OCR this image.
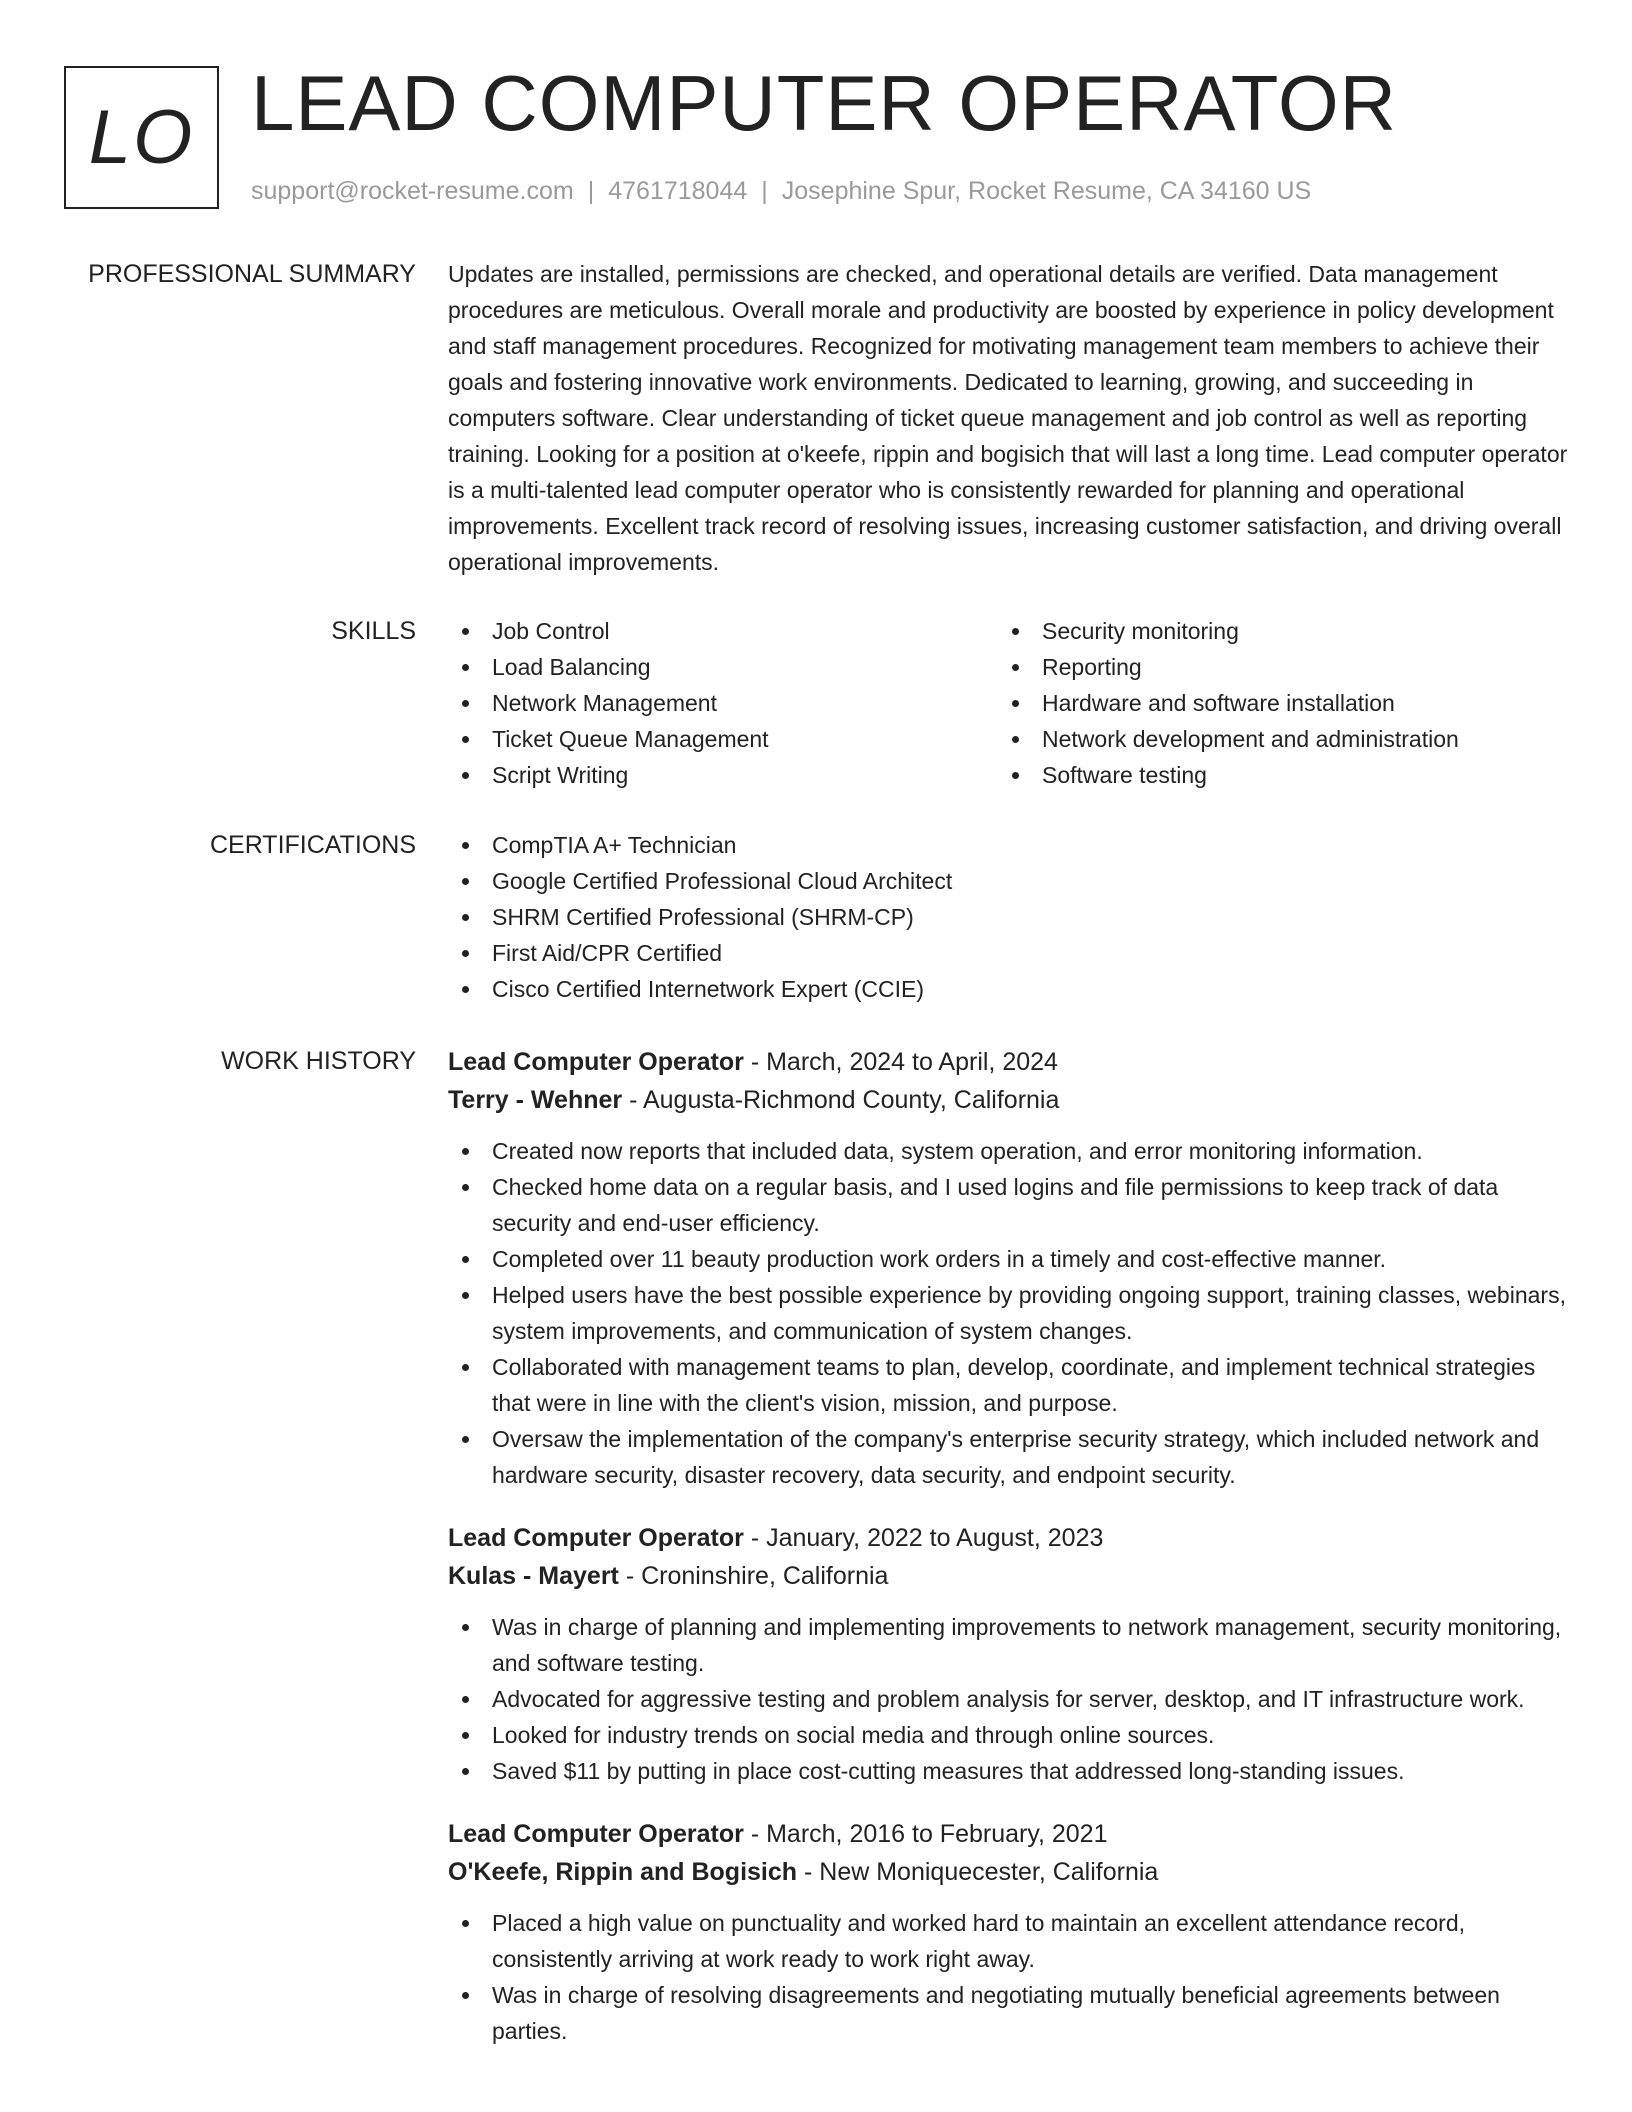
LO LEAD COMPUTER OPERATOR
support@rocket-resume.com | 4761718044 | Josephine Spur, Rocket Resume, CA 34160 US
PROFESSIONAL SUMMARY Updates are installed, permissions are checked, and operational details are verified. Data management procedures are meticulous. Overall morale and productivity are boosted by experience in policy development and staff management procedures. Recognized for motivating management team members to achieve their goals and fostering innovative work environments. Dedicated to learning, growing, and succeeding in computers software. Clear understanding of ticket queue management and job control as well as reporting training. Looking for a position at o'keefe, rippin and bogisich that will last a long time. Lead computer operator is a multi-talented lead computer operator who is consistently rewarded for planning and operational improvements. Excellent track record of resolving issues, increasing customer satisfaction, and driving overall operational improvements.

SKILLS	Job Control
Load Balancing
Network Management
Ticket Queue Management
Script Writing
Security monitoring
Reporting
Hardware and software installation
Network development and administration
Software testing
CERTIFICATIONS	CompTIA A+ Technician
Google Certified Professional Cloud Architect
SHRM Certified Professional (SHRM-CP)
First Aid/CPR Certified
Cisco Certified Internetwork Expert (CCIE)
WORK HISTORY Lead Computer Operator - March, 2024 to April, 2024
Terry - Wehner - Augusta-Richmond County, California
Created now reports that included data, system operation, and error monitoring information.
Checked home data on a regular basis, and I used logins and file permissions to keep track of data security and end-user efficiency.
Completed over 11 beauty production work orders in a timely and cost-effective manner.
Helped users have the best possible experience by providing ongoing support, training classes, webinars, system improvements, and communication of system changes.
Collaborated with management teams to plan, develop, coordinate, and implement technical strategies that were in line with the client's vision, mission, and purpose.
Oversaw the implementation of the company's enterprise security strategy, which included network and hardware security, disaster recovery, data security, and endpoint security.
Lead Computer Operator - January, 2022 to August, 2023
Kulas - Mayert - Croninshire, California
Was in charge of planning and implementing improvements to network management, security monitoring, and software testing.
Advocated for aggressive testing and problem analysis for server, desktop, and IT infrastructure work.
Looked for industry trends on social media and through online sources.
Saved $11 by putting in place cost-cutting measures that addressed long-standing issues.
Lead Computer Operator - March, 2016 to February, 2021
O'Keefe, Rippin and Bogisich - New Moniquecester, California
Placed a high value on punctuality and worked hard to maintain an excellent attendance record, consistently arriving at work ready to work right away.
Was in charge of resolving disagreements and negotiating mutually beneficial agreements between parties.
